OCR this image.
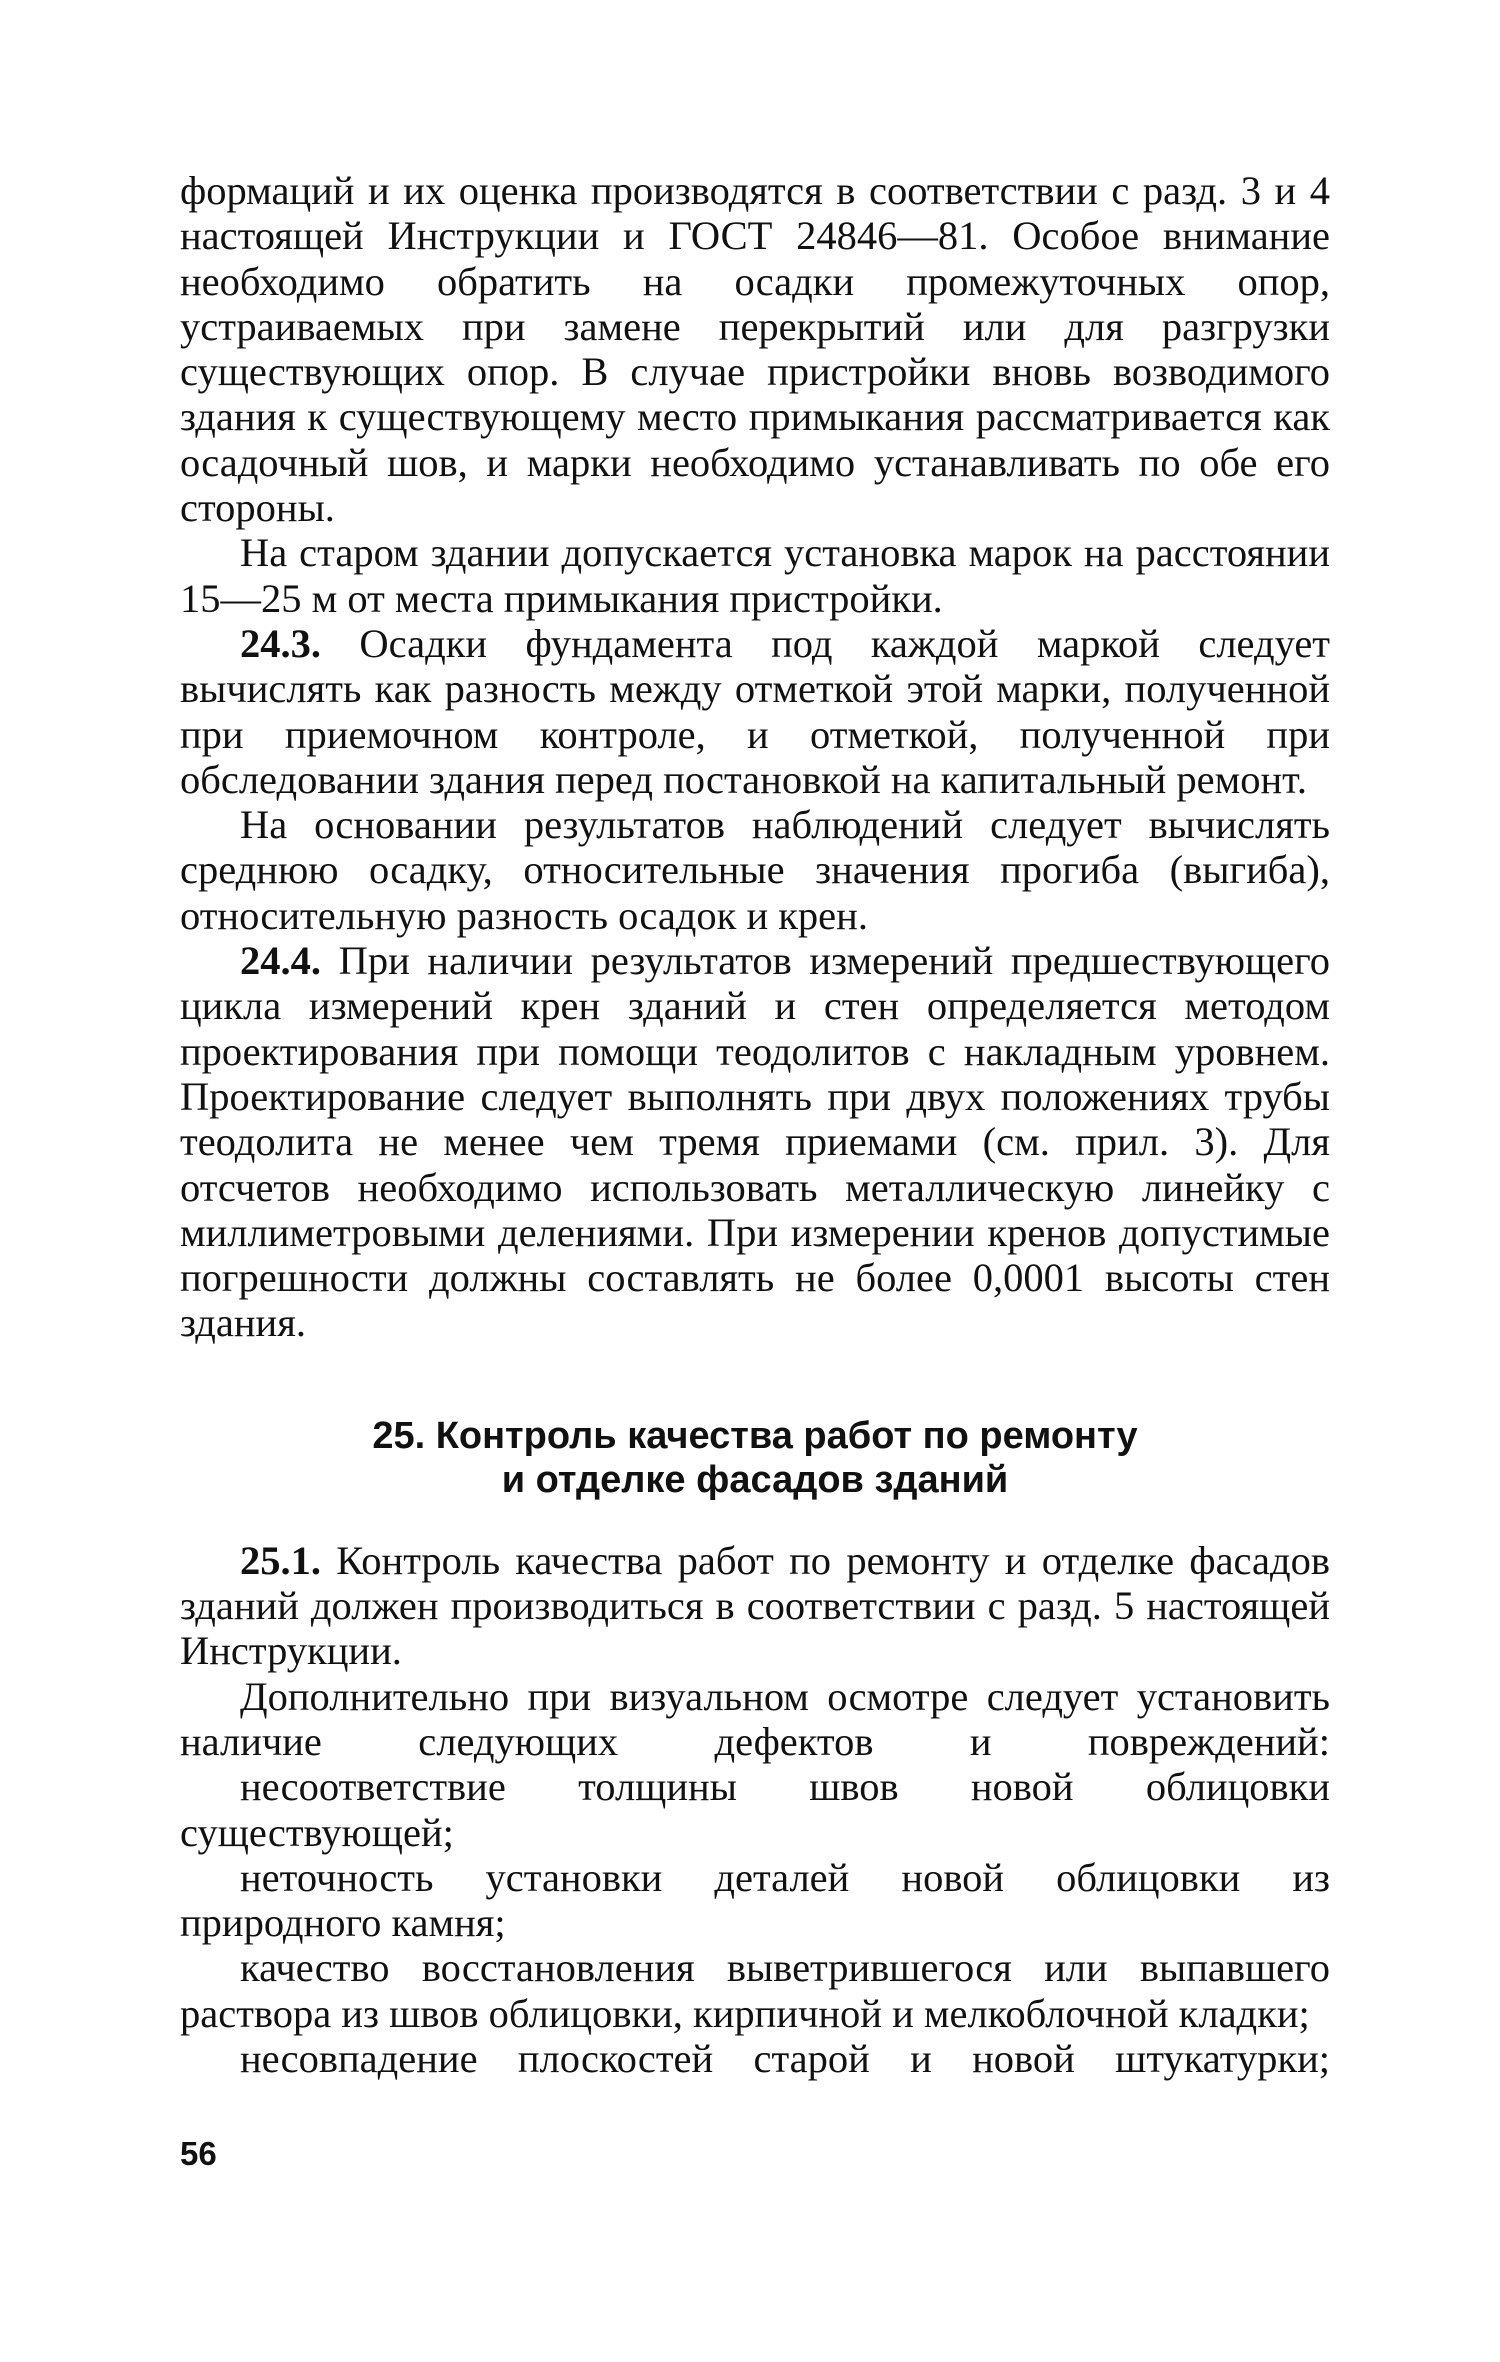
формаций и их оценка производятся в соответствии с разд. 3 и 4 настоящей Инструкции и ГОСТ 24846—81. Особое внимание необходимо обратить на осадки промежуточных опор, устраиваемых при замене перекрытий или для разгрузки существующих опор. В случае пристройки вновь возводимого здания к существующему место примыкания рассматривается как осадочный шов, и марки необходимо устанавливать по обе его стороны.

На старом здании допускается установка марок на расстоянии 15—25 м от места примыкания пристройки.

24.3. Осадки фундамента под каждой маркой следует вычислять как разность между отметкой этой марки, полученной при приемочном контроле, и отметкой, полученной при обследовании здания перед постановкой на капитальный ремонт.

На основании результатов наблюдений следует вычислять среднюю осадку, относительные значения прогиба (выгиба), относительную разность осадок и крен.

24.4. При наличии результатов измерений предшествующего цикла измерений крен зданий и стен определяется методом проектирования при помощи теодолитов с накладным уровнем. Проектирование следует выполнять при двух положениях трубы теодолита не менее чем тремя приемами (см. прил. 3). Для отсчетов необходимо использовать металлическую линейку с миллиметровыми делениями. При измерении кренов допустимые погрешности должны составлять не более 0,0001 высоты стен здания.

25. Контроль качества работ по ремонту
и отделке фасадов зданий

25.1. Контроль качества работ по ремонту и отделке фасадов зданий должен производиться в соответствии с разд. 5 настоящей Инструкции.

Дополнительно при визуальном осмотре следует установить наличие следующих дефектов и повреждений:

несоответствие толщины швов новой облицовки существующей;

неточность установки деталей новой облицовки из природного камня;

качество восстановления выветрившегося или выпавшего раствора из швов облицовки, кирпичной и мелкоблочной кладки;

несовпадение плоскостей старой и новой штукатурки;

56
